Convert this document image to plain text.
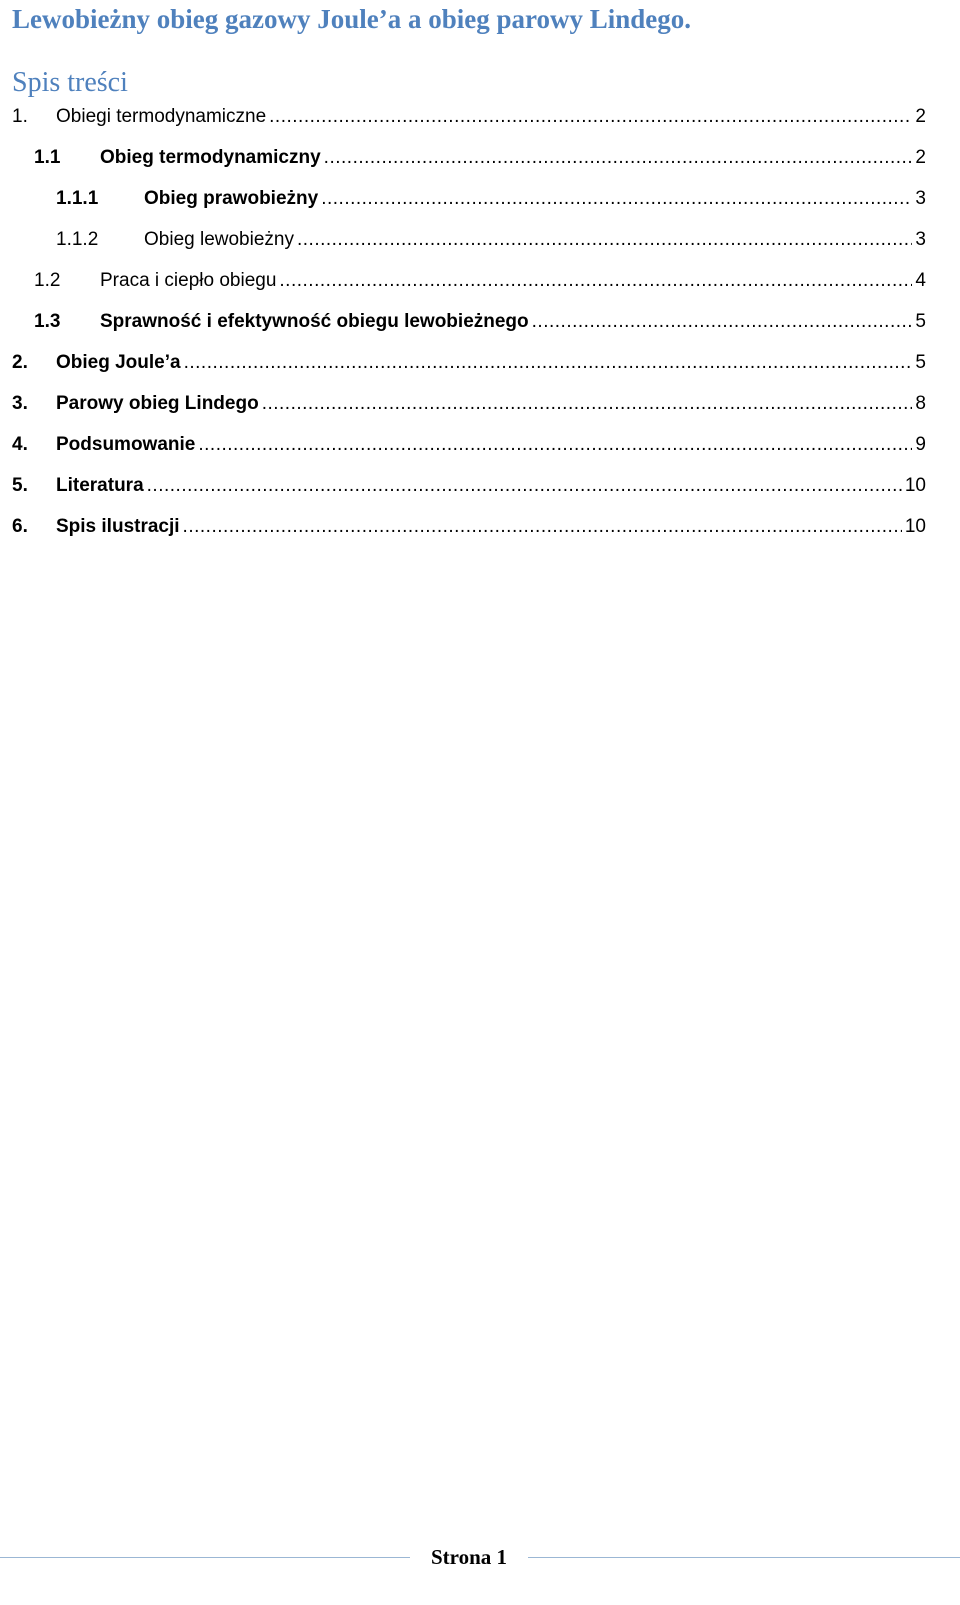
Lewobieżny obieg gazowy Joule’a a obieg parowy Lindego.
Spis treści
1.	Obiegi termodynamiczne .....	2
1.1	Obieg termodynamiczny .....	2
1.1.1	Obieg prawobieżny .....	3
1.1.2	Obieg lewobieżny .....	3
1.2	Praca i ciepło obiegu .....	4
1.3	Sprawność i efektywność obiegu lewobieżnego .....	5
2.	Obieg Joule’a .....	5
3.	Parowy obieg Lindego .....	8
4.	Podsumowanie .....	9
5.	Literatura .....	10
6.	Spis ilustracji .....	10
Strona 1
